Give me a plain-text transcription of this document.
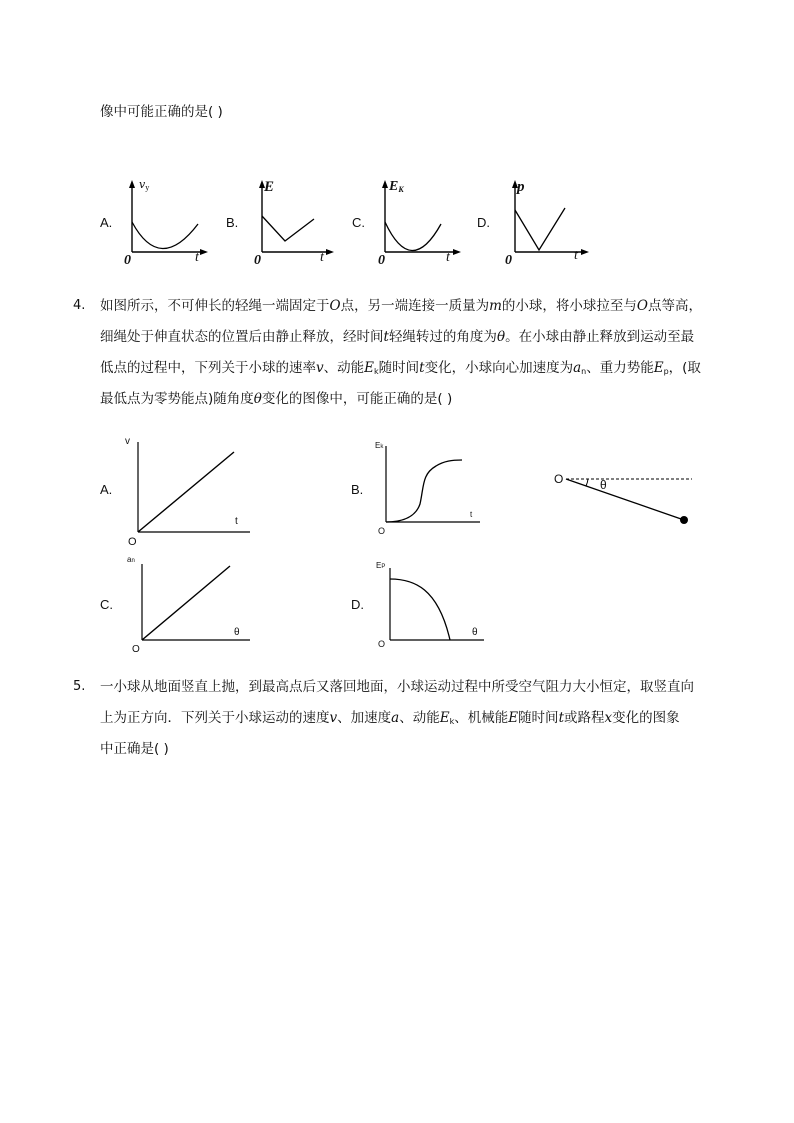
像中可能正确的是( )
A.
$v_y$
0	t
B.
E
0	t
C.
$E_K$
0	t
D.
p
0	t
4. 如图所示，不可伸长的轻绳一端固定于O点，另一端连接一质量为m的小球，将小球拉至与O点等高，
细绳处于伸直状态的位置后由静止释放，经时间t轻绳转过的角度为θ。在小球由静止释放到运动至最
低点的过程中，下列关于小球的速率v、动能$E_k$随时间t变化，小球向心加速度为$a_n$、重力势能$E_p$，(取
最低点为零势能点)随角度θ变化的图像中，可能正确的是( )
A.
v
O
t
B.
Ek
O
t
O	θ
C.
an
O
θ
D.
EP
O
θ
5. 一小球从地面竖直上抛，到最高点后又落回地面，小球运动过程中所受空气阻力大小恒定，取竖直向
上为正方向．下列关于小球运动的速度v、加速度a、动能$E_k$、机械能E随时间t或路程x变化的图象
中正确是( )
